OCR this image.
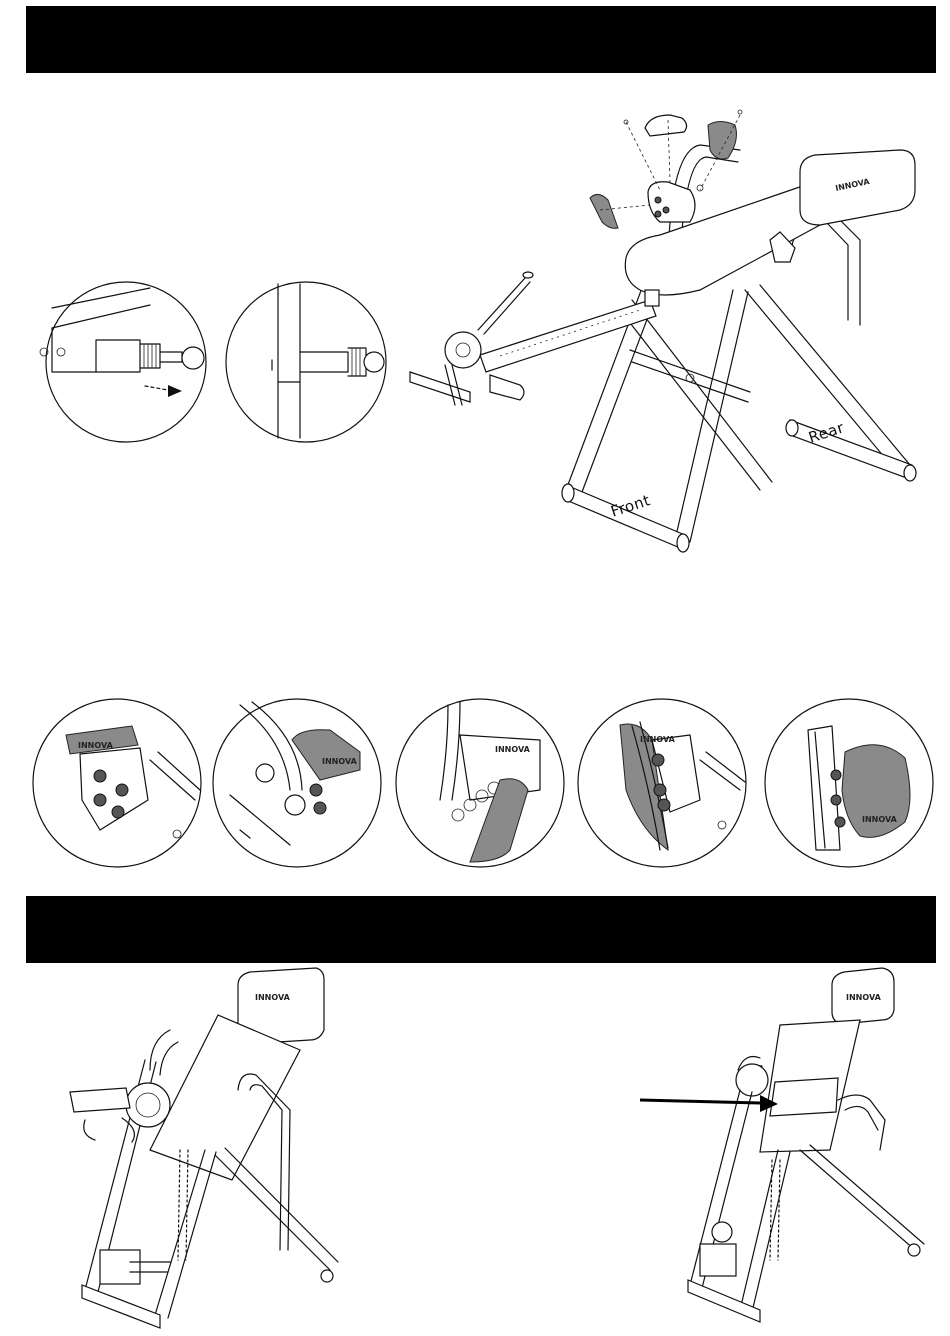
INNOVA
Front
Rear
INNOVA
INNOVA
INNOVA
INNOVA
INNOVA
INNOVA	INNOVA
